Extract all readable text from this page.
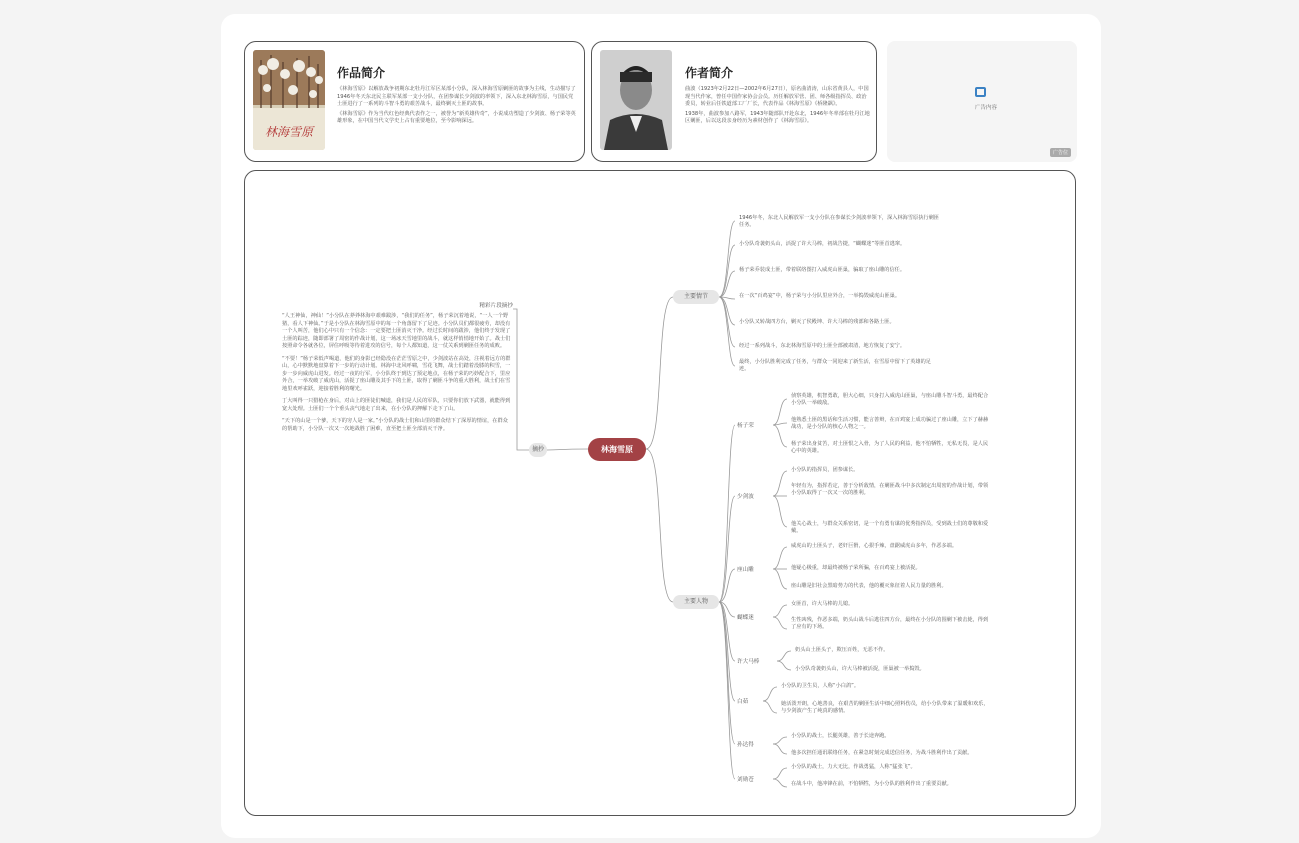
林海雪原
作品简介

《林海雪原》以解放战争初期东北牡丹江军区某部小分队，深入林海雪原剿匪的故事为主线，生动描写了1946年冬天东北民主联军某部一支小分队，在团参谋长少剑波的率领下，深入东北林海雪原，与国民党土匪进行了一系列的斗智斗勇的艰苦战斗，最终剿灭土匪的故事。

《林海雪原》作为当代红色经典代表作之一，被誉为“新英雄传奇”，小说成功塑造了少剑波、杨子荣等英雄形象，在中国当代文学史上占有重要地位，至今影响深远。

作者简介

曲波（1923年2月22日—2002年6月27日），原名曲清涛，山东省黄县人，中国现当代作家，曾任中国作家协会会员。历任解放军营、团、师各级指挥员、政治委员，转业后任铁道部工厂厂长，代表作品《林海雪原》《桥隆飙》。

1938年，曲波参加八路军，1943年随部队开赴东北，1946年冬率部在牡丹江地区剿匪，后以这段亲身经历为素材创作了《林海雪原》。

广告内容
广告位
林海雪原
摘抄
精彩片段摘抄

“人王神仙，神仙！”小分队在莽莽林海中艰难跋涉，“我们的任务”，杨子荣沉着地说，“一人一个野猪，看人下神仙。”于是小分队在林海雪原中的每一个角落留下了足迹。小分队员们都很疲劳，却没有一个人叫苦，他们心中只有一个信念：一定要把土匪消灭干净。经过长时间的跋涉，他们终于发现了土匪的踪迹，随即部署了周密的作战计划，这一场冰天雪地里的战斗，就这样悄悄地开始了。战士们按照命令各就各位，屏住呼吸等待着进攻的信号，每个人都知道，这一仗关系到剿匪任务的成败。

“不要！”杨子荣低声喝道，他们的身影已经隐没在茫茫雪原之中，少剑波站在高处，注视着远方的群山，心中默默地盘算着下一步的行动计划。林海中北风呼啸，雪花飞舞，战士们踏着没膝的积雪，一步一步向威虎山进发。经过一夜的行军，小分队终于到达了预定地点，在杨子荣的巧妙配合下，里应外合，一举攻破了威虎山，活捉了座山雕及其手下的土匪，取得了剿匪斗争的重大胜利，战士们在雪地里欢呼雀跃，迎接着胜利的曙光。

丁大叫得一只猎枪在身后，对山上的匪徒们喊道，我们是人民的军队，只要你们放下武器，就能得到宽大处理。土匪们一个个垂头丧气地走了出来，在小分队的押解下走下了山。

“天下的山是一个爹，天下的穷人是一家。”小分队的战士们和山里的群众结下了深厚的情谊，在群众的帮助下，小分队一次又一次地战胜了困难，直至把土匪全部消灭干净。

主要情节
1946年冬，东北人民解放军一支小分队在参谋长少剑波率领下，深入林海雪原执行剿匪任务。
小分队奇袭奶头山，活捉了许大马棒，初战告捷，“蝴蝶迷”等匪首逃窜。
杨子荣乔装成土匪，带着联络图打入威虎山匪巢，骗取了座山雕的信任。
在一次“百鸡宴”中，杨子荣与小分队里应外合，一举捣毁威虎山匪巢。
小分队又转战四方台，剿灭了侯殿坤、许大马棒的残部和各路土匪。
经过一系列战斗，东北林海雪原中的土匪全部被肃清，地方恢复了安宁。
最终，小分队胜利完成了任务，与群众一同迎来了新生活，在雪原中留下了英雄的足迹。
主要人物
杨子荣
侦察英雄，机智勇敢，胆大心细，只身打入威虎山匪巢，与座山雕斗智斗勇，最终配合小分队一举破敌。
他熟悉土匪的黑话和生活习惯，能言善辩，在百鸡宴上成功骗过了座山雕，立下了赫赫战功，是小分队的核心人物之一。
杨子荣出身贫苦，对土匪恨之入骨，为了人民的利益，他不怕牺牲，无私无畏，是人民心中的英雄。
少剑波
小分队的指挥员，团参谋长。
年轻有为，指挥若定，善于分析敌情，在剿匪战斗中多次制定出周密的作战计划，带领小分队取得了一次又一次的胜利。
他关心战士，与群众关系密切，是一个有勇有谋的优秀指挥员，受到战士们的尊敬和爱戴。
座山雕
威虎山的土匪头子，老奸巨猾，心狠手辣，盘踞威虎山多年，作恶多端。
他疑心极重，却最终被杨子荣所骗，在百鸡宴上被活捉。
座山雕是旧社会黑暗势力的代表，他的覆灭象征着人民力量的胜利。
蝴蝶迷
女匪首，许大马棒的儿媳。
生性凶残，作恶多端，奶头山战斗后逃往四方台，最终在小分队的围剿下被击毙，得到了应有的下场。
许大马棒
奶头山土匪头子，欺压百姓，无恶不作。
小分队奇袭奶头山，许大马棒被活捉，匪巢被一举捣毁。
白茹
小分队的卫生员，人称“小白鸽”。
她活泼开朗，心地善良，在艰苦的剿匪生活中细心照料伤员，给小分队带来了温暖和欢乐，与少剑波产生了纯真的感情。
孙达得
小分队的战士，长腿英雄，善于长途奔跑。
他多次担任通讯联络任务，在紧急时刻完成送信任务，为战斗胜利作出了贡献。
刘勋苍
小分队的战士，力大无比，作战勇猛，人称“猛张飞”。
在战斗中，他冲锋在前，不怕牺牲，为小分队的胜利作出了重要贡献。
